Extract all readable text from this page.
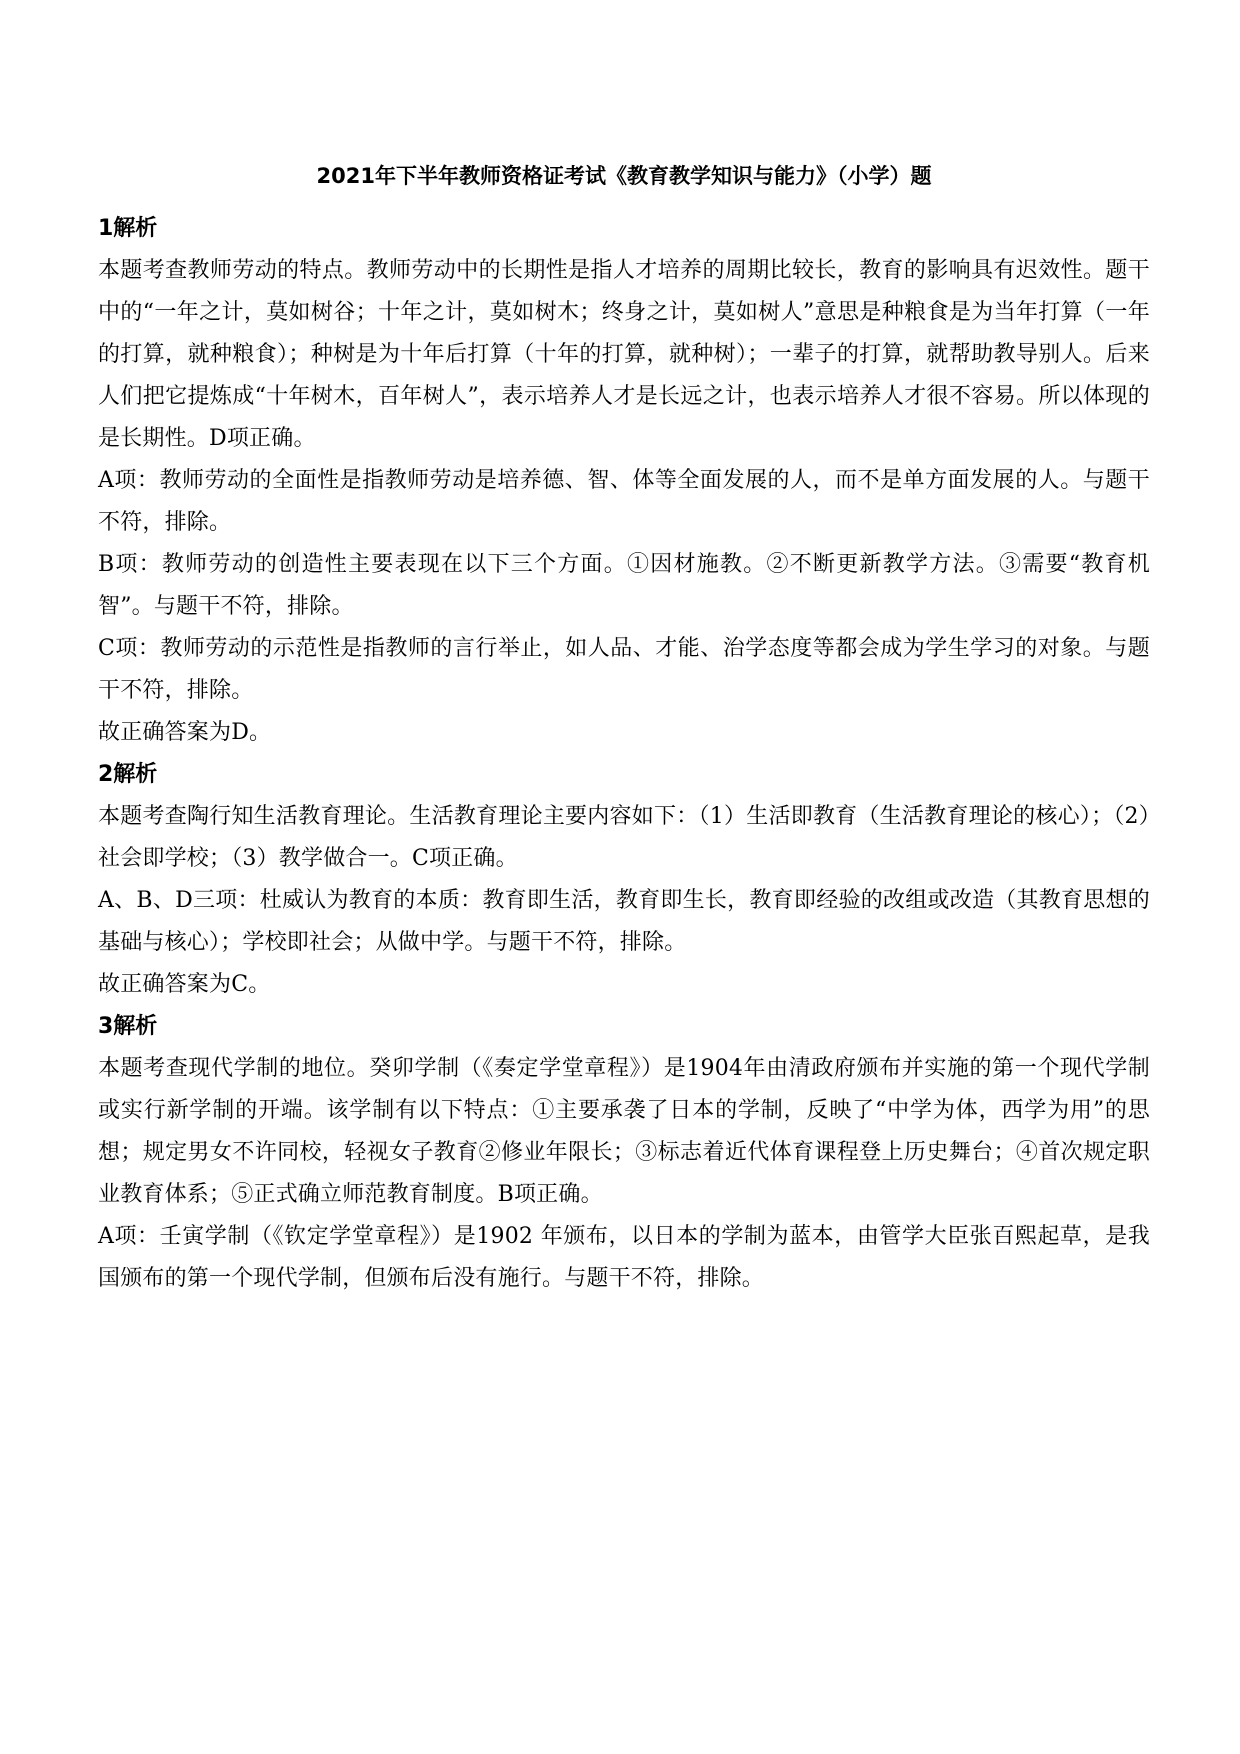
2021年下半年教师资格证考试《教育教学知识与能力》（小学）题
1解析

本题考查教师劳动的特点。教师劳动中的长期性是指人才培养的周期比较长，教育的影响具有迟效性。题干中的“一年之计，莫如树谷；十年之计，莫如树木；终身之计，莫如树人”意思是种粮食是为当年打算（一年的打算，就种粮食）；种树是为十年后打算（十年的打算，就种树）；一辈子的打算，就帮助教导别人。后来人们把它提炼成“十年树木，百年树人”，表示培养人才是长远之计，也表示培养人才很不容易。所以体现的是长期性。D项正确。

A项：教师劳动的全面性是指教师劳动是培养德、智、体等全面发展的人，而不是单方面发展的人。与题干不符，排除。

B项：教师劳动的创造性主要表现在以下三个方面。①因材施教。②不断更新教学方法。③需要“教育机智”。与题干不符，排除。

C项：教师劳动的示范性是指教师的言行举止，如人品、才能、治学态度等都会成为学生学习的对象。与题干不符，排除。

故正确答案为D。

2解析

本题考查陶行知生活教育理论。生活教育理论主要内容如下：（1）生活即教育（生活教育理论的核心）；（2）社会即学校；（3）教学做合一。C项正确。

A、B、D三项：杜威认为教育的本质：教育即生活，教育即生长，教育即经验的改组或改造（其教育思想的基础与核心）；学校即社会；从做中学。与题干不符，排除。

故正确答案为C。

3解析

本题考查现代学制的地位。癸卯学制（《奏定学堂章程》）是1904年由清政府颁布并实施的第一个现代学制或实行新学制的开端。该学制有以下特点：①主要承袭了日本的学制，反映了“中学为体，西学为用”的思想；规定男女不许同校，轻视女子教育②修业年限长；③标志着近代体育课程登上历史舞台；④首次规定职业教育体系；⑤正式确立师范教育制度。B项正确。

A项：壬寅学制（《钦定学堂章程》）是1902 年颁布，以日本的学制为蓝本，由管学大臣张百熙起草，是我国颁布的第一个现代学制，但颁布后没有施行。与题干不符，排除。
